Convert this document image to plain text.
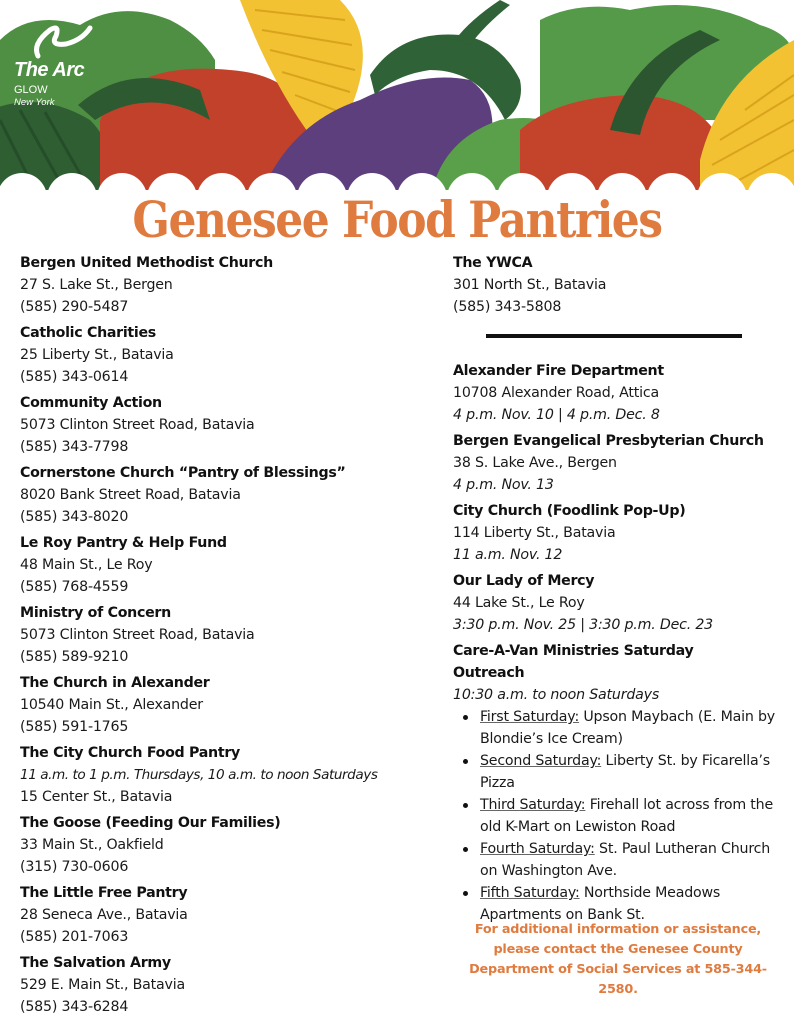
The Arc
GLOW
New York
Genesee Food Pantries
Bergen United Methodist Church
27 S. Lake St., Bergen
(585) 290-5487
Catholic Charities
25 Liberty St., Batavia
(585) 343-0614
Community Action
5073 Clinton Street Road, Batavia
(585) 343-7798
Cornerstone Church “Pantry of Blessings”
8020 Bank Street Road, Batavia
(585) 343-8020
Le Roy Pantry & Help Fund
48 Main St., Le Roy
(585) 768-4559
Ministry of Concern
5073 Clinton Street Road, Batavia
(585) 589-9210
The Church in Alexander
10540 Main St., Alexander
(585) 591-1765
The City Church Food Pantry
11 a.m. to 1 p.m. Thursdays, 10 a.m. to noon Saturdays
15 Center St., Batavia
The Goose (Feeding Our Families)
33 Main St., Oakfield
(315) 730-0606
The Little Free Pantry
28 Seneca Ave., Batavia
(585) 201-7063
The Salvation Army
529 E. Main St., Batavia
(585) 343-6284
The YWCA
301 North St., Batavia
(585) 343-5808
Alexander Fire Department
10708 Alexander Road, Attica
4 p.m. Nov. 10 | 4 p.m. Dec. 8
Bergen Evangelical Presbyterian Church
38 S. Lake Ave., Bergen
4 p.m. Nov. 13
City Church (Foodlink Pop-Up)
114 Liberty St., Batavia
11 a.m. Nov. 12
Our Lady of Mercy
44 Lake St., Le Roy
3:30 p.m. Nov. 25 | 3:30 p.m. Dec. 23
Care-A-Van Ministries Saturday Outreach
10:30 a.m. to noon Saturdays
First Saturday: Upson Maybach (E. Main by Blondie’s Ice Cream)
Second Saturday: Liberty St. by Ficarella’s Pizza
Third Saturday: Firehall lot across from the old K-Mart on Lewiston Road
Fourth Saturday: St. Paul Lutheran Church on Washington Ave.
Fifth Saturday: Northside Meadows Apartments on Bank St.
For additional information or assistance, please contact the Genesee County Department of Social Services at 585-344-2580.
